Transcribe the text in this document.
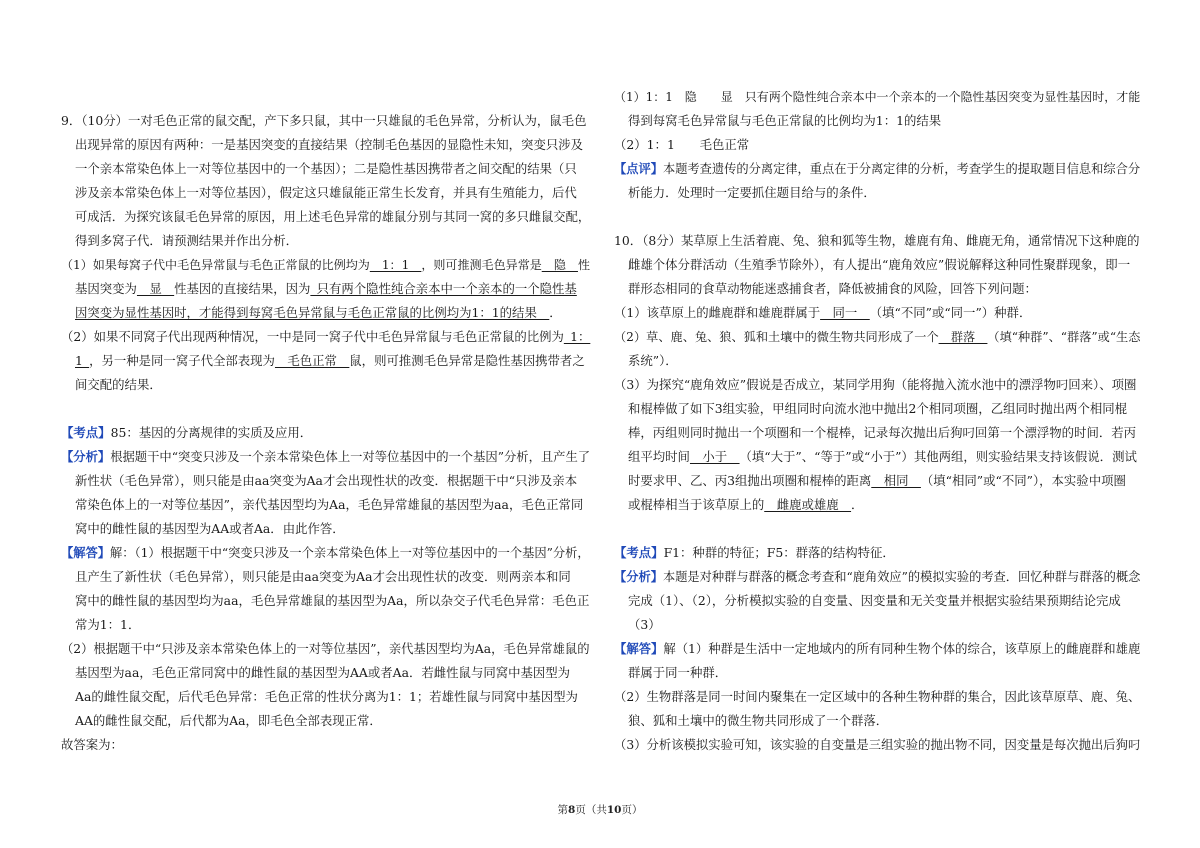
第8页（共10页）
9．（10分）一对毛色正常的鼠交配，产下多只鼠，其中一只雄鼠的毛色异常，分析认为，鼠毛色
出现异常的原因有两种：一是基因突变的直接结果（控制毛色基因的显隐性未知，突变只涉及
一个亲本常染色体上一对等位基因中的一个基因）；二是隐性基因携带者之间交配的结果（只
涉及亲本常染色体上一对等位基因），假定这只雄鼠能正常生长发育，并具有生殖能力，后代
可成活．为探究该鼠毛色异常的原因，用上述毛色异常的雄鼠分别与其同一窝的多只雌鼠交配，
得到多窝子代．请预测结果并作出分析．
（1）如果每窝子代中毛色异常鼠与毛色正常鼠的比例均为__1：1__，则可推测毛色异常是__隐__性
基因突变为__显__性基因的直接结果，因为_只有两个隐性纯合亲本中一个亲本的一个隐性基
因突变为显性基因时，才能得到每窝毛色异常鼠与毛色正常鼠的比例均为1：1的结果__．
（2）如果不同窝子代出现两种情况，一中是同一窝子代中毛色异常鼠与毛色正常鼠的比例为_1：
1_，另一种是同一窝子代全部表现为__毛色正常__鼠，则可推测毛色异常是隐性基因携带者之
间交配的结果．
【考点】85：基因的分离规律的实质及应用．
【分析】根据题干中“突变只涉及一个亲本常染色体上一对等位基因中的一个基因”分析，且产生了
新性状（毛色异常），则只能是由aa突变为Aa才会出现性状的改变．根据题干中“只涉及亲本
常染色体上的一对等位基因”，亲代基因型均为Aa，毛色异常雄鼠的基因型为aa，毛色正常同
窝中的雌性鼠的基因型为AA或者Aa．由此作答．
【解答】解：（1）根据题干中“突变只涉及一个亲本常染色体上一对等位基因中的一个基因”分析，
且产生了新性状（毛色异常），则只能是由aa突变为Aa才会出现性状的改变．则两亲本和同
窝中的雌性鼠的基因型均为aa，毛色异常雄鼠的基因型为Aa，所以杂交子代毛色异常：毛色正
常为1：1．
（2）根据题干中“只涉及亲本常染色体上的一对等位基因”，亲代基因型均为Aa，毛色异常雄鼠的
基因型为aa，毛色正常同窝中的雌性鼠的基因型为AA或者Aa．若雌性鼠与同窝中基因型为
Aa的雌性鼠交配，后代毛色异常：毛色正常的性状分离为1：1；若雄性鼠与同窝中基因型为
AA的雌性鼠交配，后代都为Aa，即毛色全部表现正常．
故答案为：
（1）1：1　隐　　显　只有两个隐性纯合亲本中一个亲本的一个隐性基因突变为显性基因时，才能
得到每窝毛色异常鼠与毛色正常鼠的比例均为1：1的结果
（2）1：1　　毛色正常
【点评】本题考查遗传的分离定律，重点在于分离定律的分析，考查学生的提取题目信息和综合分
析能力．处理时一定要抓住题目给与的条件．
10．（8分）某草原上生活着鹿、兔、狼和狐等生物，雄鹿有角、雌鹿无角，通常情况下这种鹿的
雌雄个体分群活动（生殖季节除外），有人提出“鹿角效应”假说解释这种同性聚群现象，即一
群形态相同的食草动物能迷惑捕食者，降低被捕食的风险，回答下列问题：
（1）该草原上的雌鹿群和雄鹿群属于__同一__（填“不同”或“同一”）种群．
（2）草、鹿、兔、狼、狐和土壤中的微生物共同形成了一个__群落__（填“种群”、“群落”或“生态
系统”）．
（3）为探究“鹿角效应”假说是否成立，某同学用狗（能将抛入流水池中的漂浮物叼回来）、项圈
和棍棒做了如下3组实验，甲组同时向流水池中抛出2个相同项圈，乙组同时抛出两个相同棍
棒，丙组则同时抛出一个项圈和一个棍棒，记录每次抛出后狗叼回第一个漂浮物的时间．若丙
组平均时间__小于__（填“大于”、“等于”或“小于”）其他两组，则实验结果支持该假说．测试
时要求甲、乙、丙3组抛出项圈和棍棒的距离__相同__（填“相同”或“不同”），本实验中项圈
或棍棒相当于该草原上的__雌鹿或雄鹿__．
【考点】F1：种群的特征；F5：群落的结构特征．
【分析】本题是对种群与群落的概念考查和“鹿角效应”的模拟实验的考查．回忆种群与群落的概念
完成（1）、（2），分析模拟实验的自变量、因变量和无关变量并根据实验结果预期结论完成
（3）
【解答】解（1）种群是生活中一定地域内的所有同种生物个体的综合，该草原上的雌鹿群和雄鹿
群属于同一种群．
（2）生物群落是同一时间内聚集在一定区域中的各种生物种群的集合，因此该草原草、鹿、兔、
狼、狐和土壤中的微生物共同形成了一个群落．
（3）分析该模拟实验可知，该实验的自变量是三组实验的抛出物不同，因变量是每次抛出后狗叼
